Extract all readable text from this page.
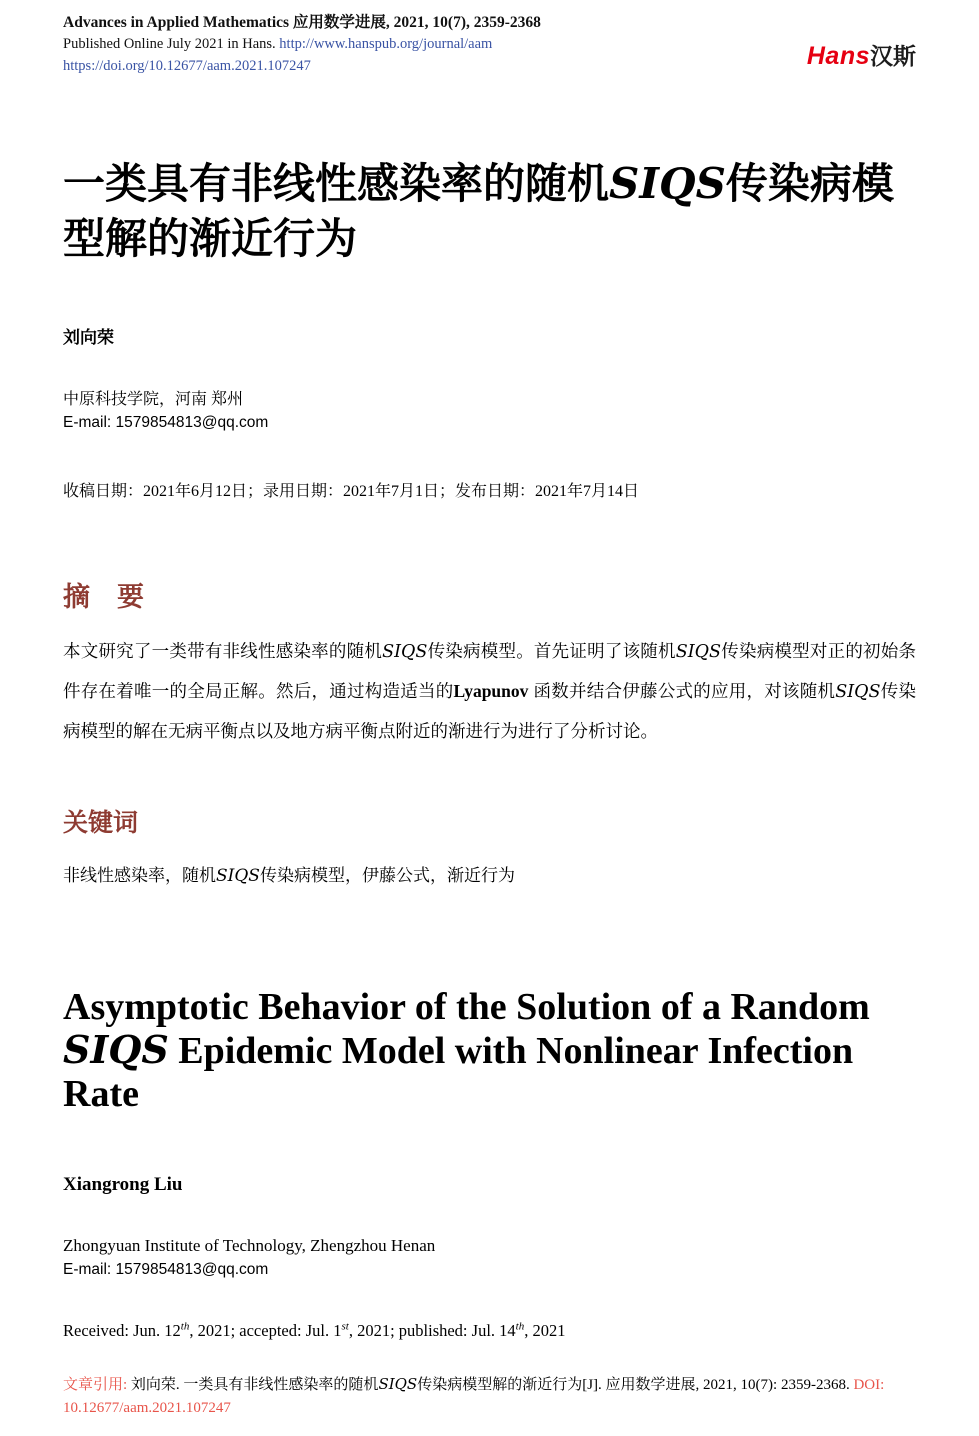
Advances in Applied Mathematics 应用数学进展, 2021, 10(7), 2359-2368
Published Online July 2021 in Hans. http://www.hanspub.org/journal/aam
https://doi.org/10.12677/aam.2021.107247	Hans汉斯
一类具有非线性感染率的随机SIQS传染病模型解的渐近行为
刘向荣
中原科技学院，河南 郑州
E-mail: 1579854813@qq.com
收稿日期：2021年6月12日；录用日期：2021年7月1日；发布日期：2021年7月14日
摘　要

本文研究了一类带有非线性感染率的随机SIQS传染病模型。首先证明了该随机SIQS传染病模型对正的初始条件存在着唯一的全局正解。然后，通过构造适当的Lyapunov 函数并结合伊藤公式的应用，对该随机SIQS传染病模型的解在无病平衡点以及地方病平衡点附近的渐进行为进行了分析讨论。

关键词
非线性感染率，随机SIQS传染病模型，伊藤公式，渐近行为
Asymptotic Behavior of the Solution of a Random SIQS Epidemic Model with Nonlinear Infection Rate
Xiangrong Liu
Zhongyuan Institute of Technology, Zhengzhou Henan
E-mail: 1579854813@qq.com
Received: Jun. 12th, 2021; accepted: Jul. 1st, 2021; published: Jul. 14th, 2021
文章引用: 刘向荣. 一类具有非线性感染率的随机SIQS传染病模型解的渐近行为[J]. 应用数学进展, 2021, 10(7): 2359-2368. DOI: 10.12677/aam.2021.107247
